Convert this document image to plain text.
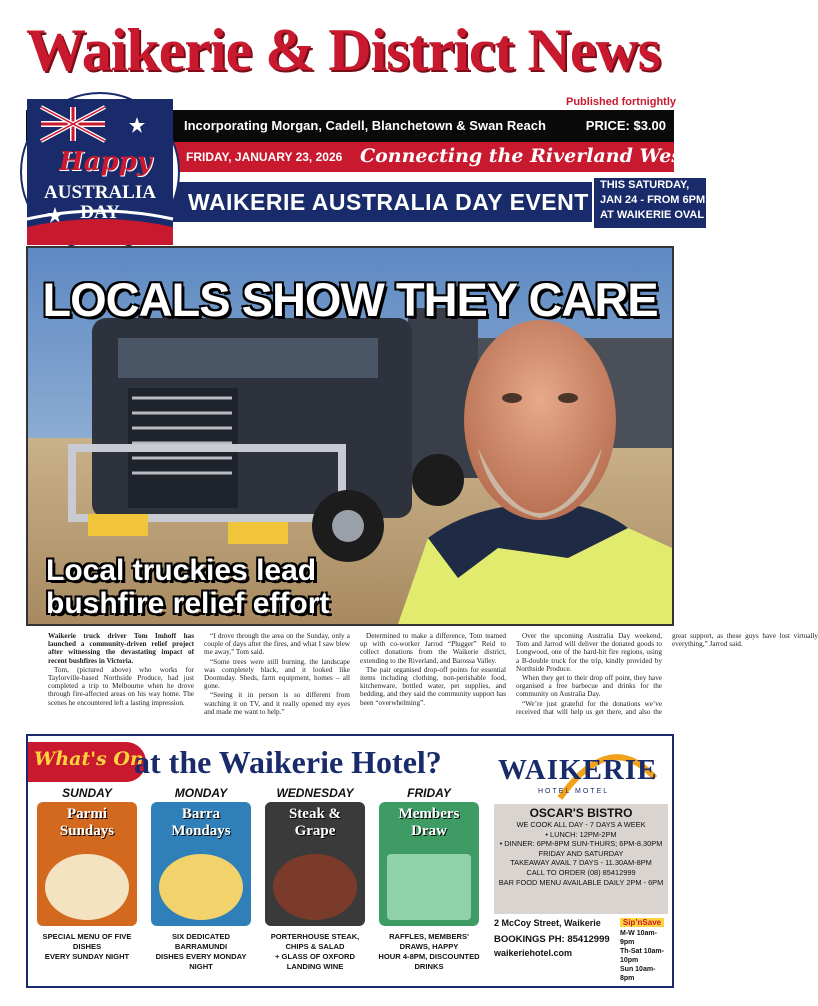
Waikerie & District News
Published fortnightly
Incorporating Morgan, Cadell, Blanchetown & Swan Reach	PRICE: $3.00
FRIDAY, JANUARY 23, 2026 Connecting the Riverland West
WAIKERIE AUSTRALIA DAY EVENT
THIS SATURDAY,
JAN 24 - FROM 6PM
AT WAIKERIE OVAL
Happy
AUSTRALIA
DAY
LOCALS SHOW THEY CARE
Local truckies lead
bushfire relief effort

Waikerie truck driver Tom Imhoff has launched a community-driven relief project after witnessing the devastating impact of recent bushfires in Victoria.

Tom, (pictured above) who works for Taylorville-based Northside Produce, had just completed a trip to Melbourne when he drove through fire-affected areas on his way home. The scenes he encountered left a lasting impression.

“I drove through the area on the Sunday, only a couple of days after the fires, and what I saw blew me away,” Tom said.

“Some trees were still burning, the landscape was completely black, and it looked like Doomsday. Sheds, farm equipment, homes – all gone.

“Seeing it in person is so different from watching it on TV, and it really opened my eyes and made me want to help.”

Determined to make a difference, Tom teamed up with co-worker Jarrod “Plugger” Reid to collect donations from the Waikerie district, extending to the Riverland, and Barossa Valley.

The pair organised drop-off points for essential items including clothing, non-perishable food, kitchenware, bottled water, pet supplies, and bedding, and they said the community support has been “overwhelming”.

Over the upcoming Australia Day weekend, Tom and Jarrod will deliver the donated goods to Longwood, one of the hard-hit fire regions, using a B-double truck for the trip, kindly provided by Northside Produce.

When they get to their drop off point, they have organised a free barbecue and drinks for the community on Australia Day.

“We’re just grateful for the donations we’ve received that will help us get there, and also the great support, as these guys have lost virtually everything,” Jarrod said.

What's On
at the Waikerie Hotel?
SUNDAY
Parmi
Sundays
SPECIAL MENU OF FIVE DISHES
EVERY SUNDAY NIGHT
MONDAY
Barra
Mondays
SIX DEDICATED BARRAMUNDI
DISHES EVERY MONDAY NIGHT
WEDNESDAY
Steak &
Grape
PORTERHOUSE STEAK, CHIPS & SALAD
+ GLASS OF OXFORD LANDING WINE
FRIDAY
Members
Draw
RAFFLES, MEMBERS' DRAWS, HAPPY
HOUR 4-8PM, DISCOUNTED DRINKS
WAIKERIE
HOTEL MOTEL
OSCAR'S BISTRO
WE COOK ALL DAY - 7 DAYS A WEEK
• LUNCH: 12PM-2PM
• DINNER: 6PM-8PM SUN-THURS; 6PM-8.30PM
FRIDAY AND SATURDAY
TAKEAWAY AVAIL 7 DAYS - 11.30AM-8PM
CALL TO ORDER (08) 85412999
BAR FOOD MENU AVAILABLE DAILY 2PM - 6PM
2 McCoy Street, Waikerie
BOOKINGS PH: 85412999
waikeriehotel.com
Sip’nSave
M-W 10am-9pm
Th-Sat 10am-10pm
Sun 10am-8pm
